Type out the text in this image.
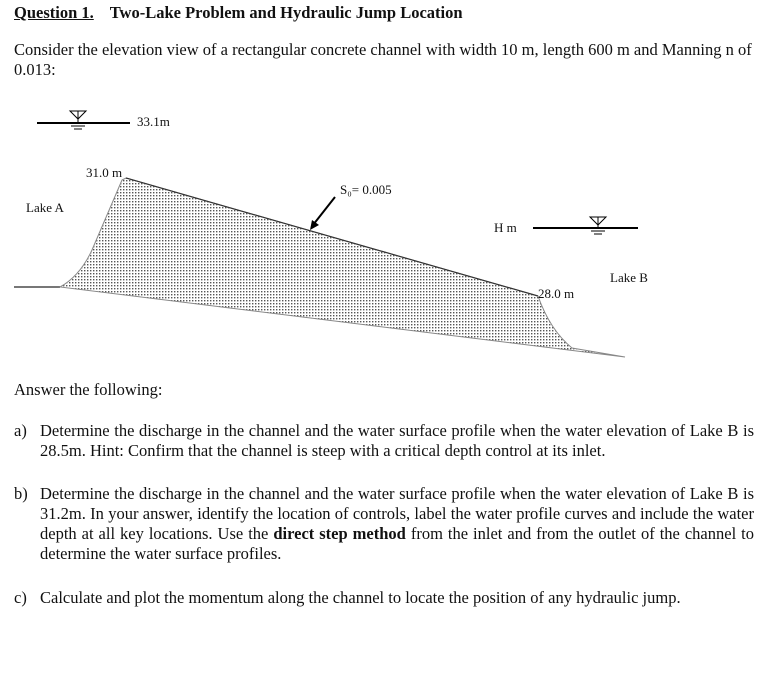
Question 1. Two-Lake Problem and Hydraulic Jump Location
Consider the elevation view of a rectangular concrete channel with width 10 m, length 600 m and Manning n of 0.013:
33.1m
31.0 m
Lake A
S₀= 0.005
H m
Lake B
28.0 m
Answer the following:
a) Determine the discharge in the channel and the water surface profile when the water elevation of Lake B is 28.5m. Hint: Confirm that the channel is steep with a critical depth control at its inlet.
b) Determine the discharge in the channel and the water surface profile when the water elevation of Lake B is 31.2m. In your answer, identify the location of controls, label the water profile curves and include the water depth at all key locations. Use the direct step method from the inlet and from the outlet of the channel to determine the water surface profiles.
c) Calculate and plot the momentum along the channel to locate the position of any hydraulic jump.
